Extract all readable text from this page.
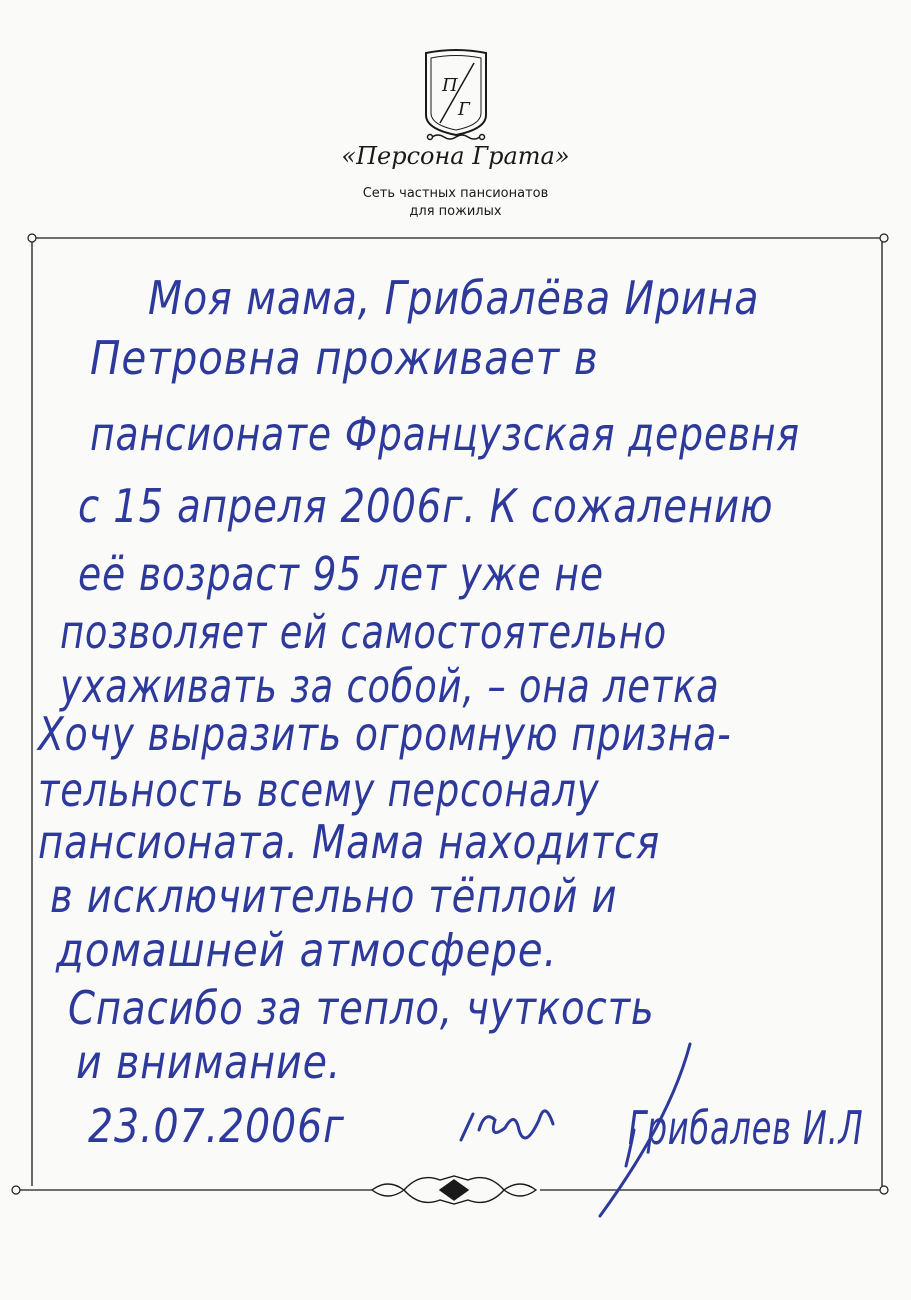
П
Г
«Персона Грата»
Сеть частных пансионатов
для пожилых
Моя мама, Грибалёва Ирина
Петровна проживает в
пансионате Французская деревня
с 15 апреля 2006г. К сожалению
её возраст 95 лет уже не
позволяет ей самостоятельно
ухаживать за собой, – она летка
Хочу выразить огромную призна-
тельность всему персоналу
пансионата. Мама находится
в исключительно тёплой и
домашней атмосфере.
Спасибо за тепло, чуткость
и внимание.
23.07.2006г	Грибалев И.Л
